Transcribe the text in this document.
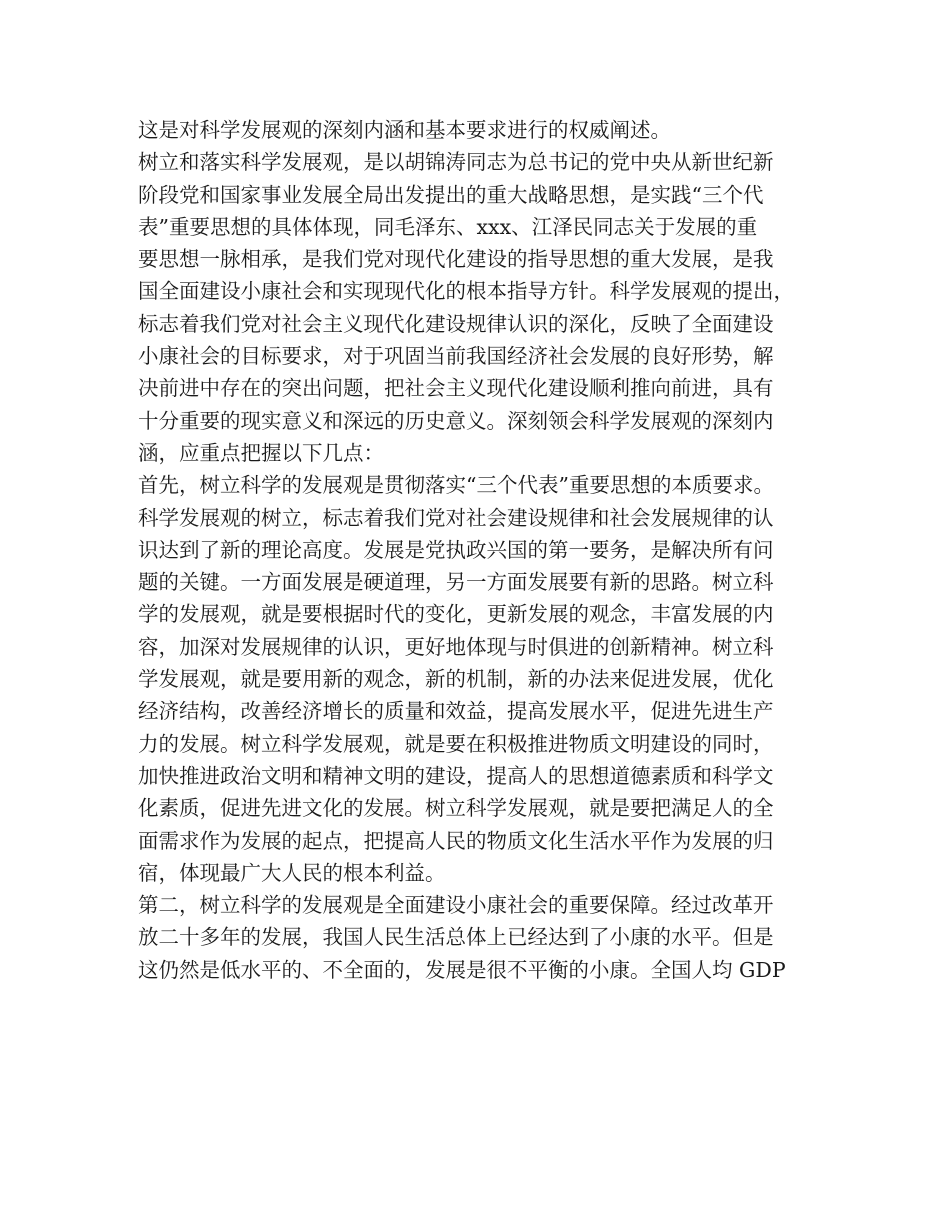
这是对科学发展观的深刻内涵和基本要求进行的权威阐述。
树立和落实科学发展观，是以胡锦涛同志为总书记的党中央从新世纪新
阶段党和国家事业发展全局出发提出的重大战略思想，是实践“三个代
表”重要思想的具体体现，同毛泽东、xxx、江泽民同志关于发展的重
要思想一脉相承，是我们党对现代化建设的指导思想的重大发展，是我
国全面建设小康社会和实现现代化的根本指导方针。科学发展观的提出，
标志着我们党对社会主义现代化建设规律认识的深化，反映了全面建设
小康社会的目标要求，对于巩固当前我国经济社会发展的良好形势，解
决前进中存在的突出问题，把社会主义现代化建设顺利推向前进，具有
十分重要的现实意义和深远的历史意义。深刻领会科学发展观的深刻内
涵，应重点把握以下几点：
首先，树立科学的发展观是贯彻落实“三个代表”重要思想的本质要求。
科学发展观的树立，标志着我们党对社会建设规律和社会发展规律的认
识达到了新的理论高度。发展是党执政兴国的第一要务，是解决所有问
题的关键。一方面发展是硬道理，另一方面发展要有新的思路。树立科
学的发展观，就是要根据时代的变化，更新发展的观念，丰富发展的内
容，加深对发展规律的认识，更好地体现与时俱进的创新精神。树立科
学发展观，就是要用新的观念，新的机制，新的办法来促进发展，优化
经济结构，改善经济增长的质量和效益，提高发展水平，促进先进生产
力的发展。树立科学发展观，就是要在积极推进物质文明建设的同时，
加快推进政治文明和精神文明的建设，提高人的思想道德素质和科学文
化素质，促进先进文化的发展。树立科学发展观，就是要把满足人的全
面需求作为发展的起点，把提高人民的物质文化生活水平作为发展的归
宿，体现最广大人民的根本利益。
第二，树立科学的发展观是全面建设小康社会的重要保障。经过改革开
放二十多年的发展，我国人民生活总体上已经达到了小康的水平。但是
这仍然是低水平的、不全面的，发展是很不平衡的小康。全国人均 GDP
